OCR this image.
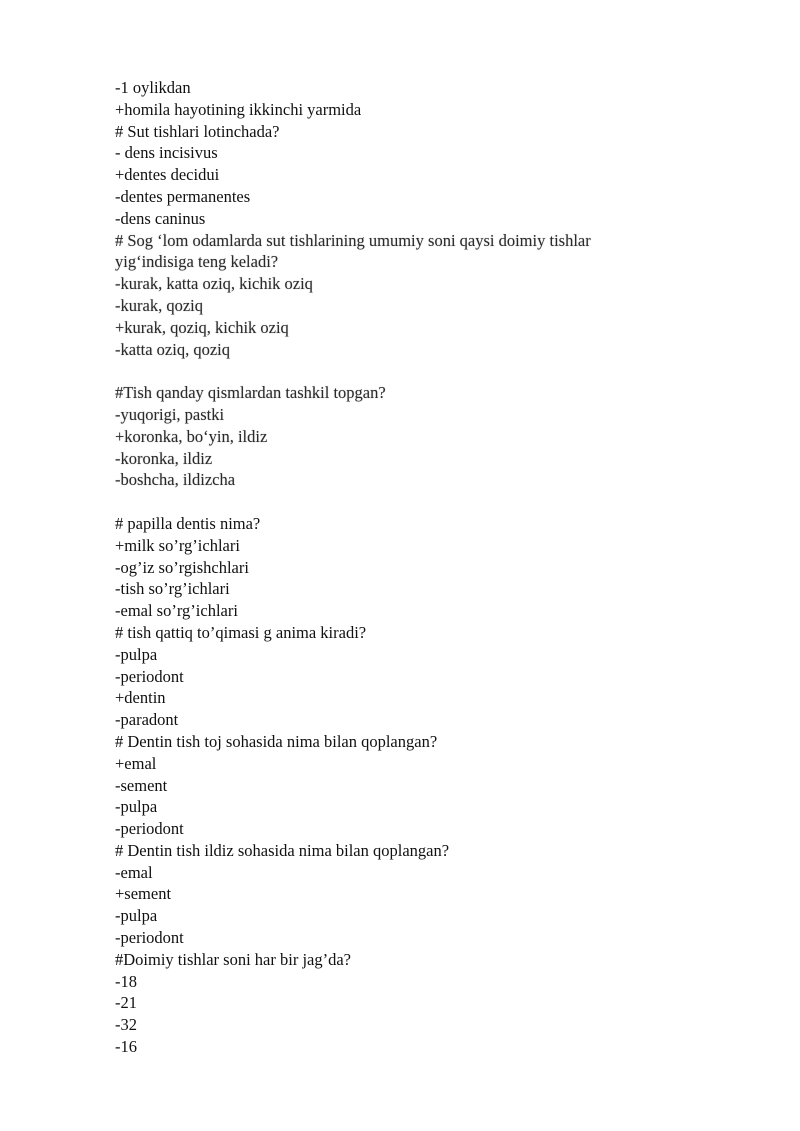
-1 oylikdan
+homila hayotining ikkinchi yarmida
# Sut tishlari lotinchada?
- dens incisivus
+dentes decidui
-dentes permanentes
-dens caninus
# Sog ‘lom odamlarda sut tishlarining umumiy soni qaysi doimiy tishlar
yig‘indisiga teng keladi?
-kurak, katta oziq, kichik oziq
-kurak, qoziq
+kurak, qoziq, kichik oziq
-katta oziq, qoziq
#Tish qanday qismlardan tashkil topgan?
-yuqorigi, pastki
+koronka, bo‘yin, ildiz
-koronka, ildiz
-boshcha, ildizcha
# papilla dentis nima?
+milk so’rg’ichlari
-og’iz so’rgishchlari
-tish so’rg’ichlari
-emal so’rg’ichlari
# tish qattiq to’qimasi g anima kiradi?
-pulpa
-periodont
+dentin
-paradont
# Dentin tish toj sohasida nima bilan qoplangan?
+emal
-sement
-pulpa
-periodont
# Dentin tish ildiz sohasida nima bilan qoplangan?
-emal
+sement
-pulpa
-periodont
#Doimiy tishlar soni har bir jag’da?
-18
-21
-32
-16
